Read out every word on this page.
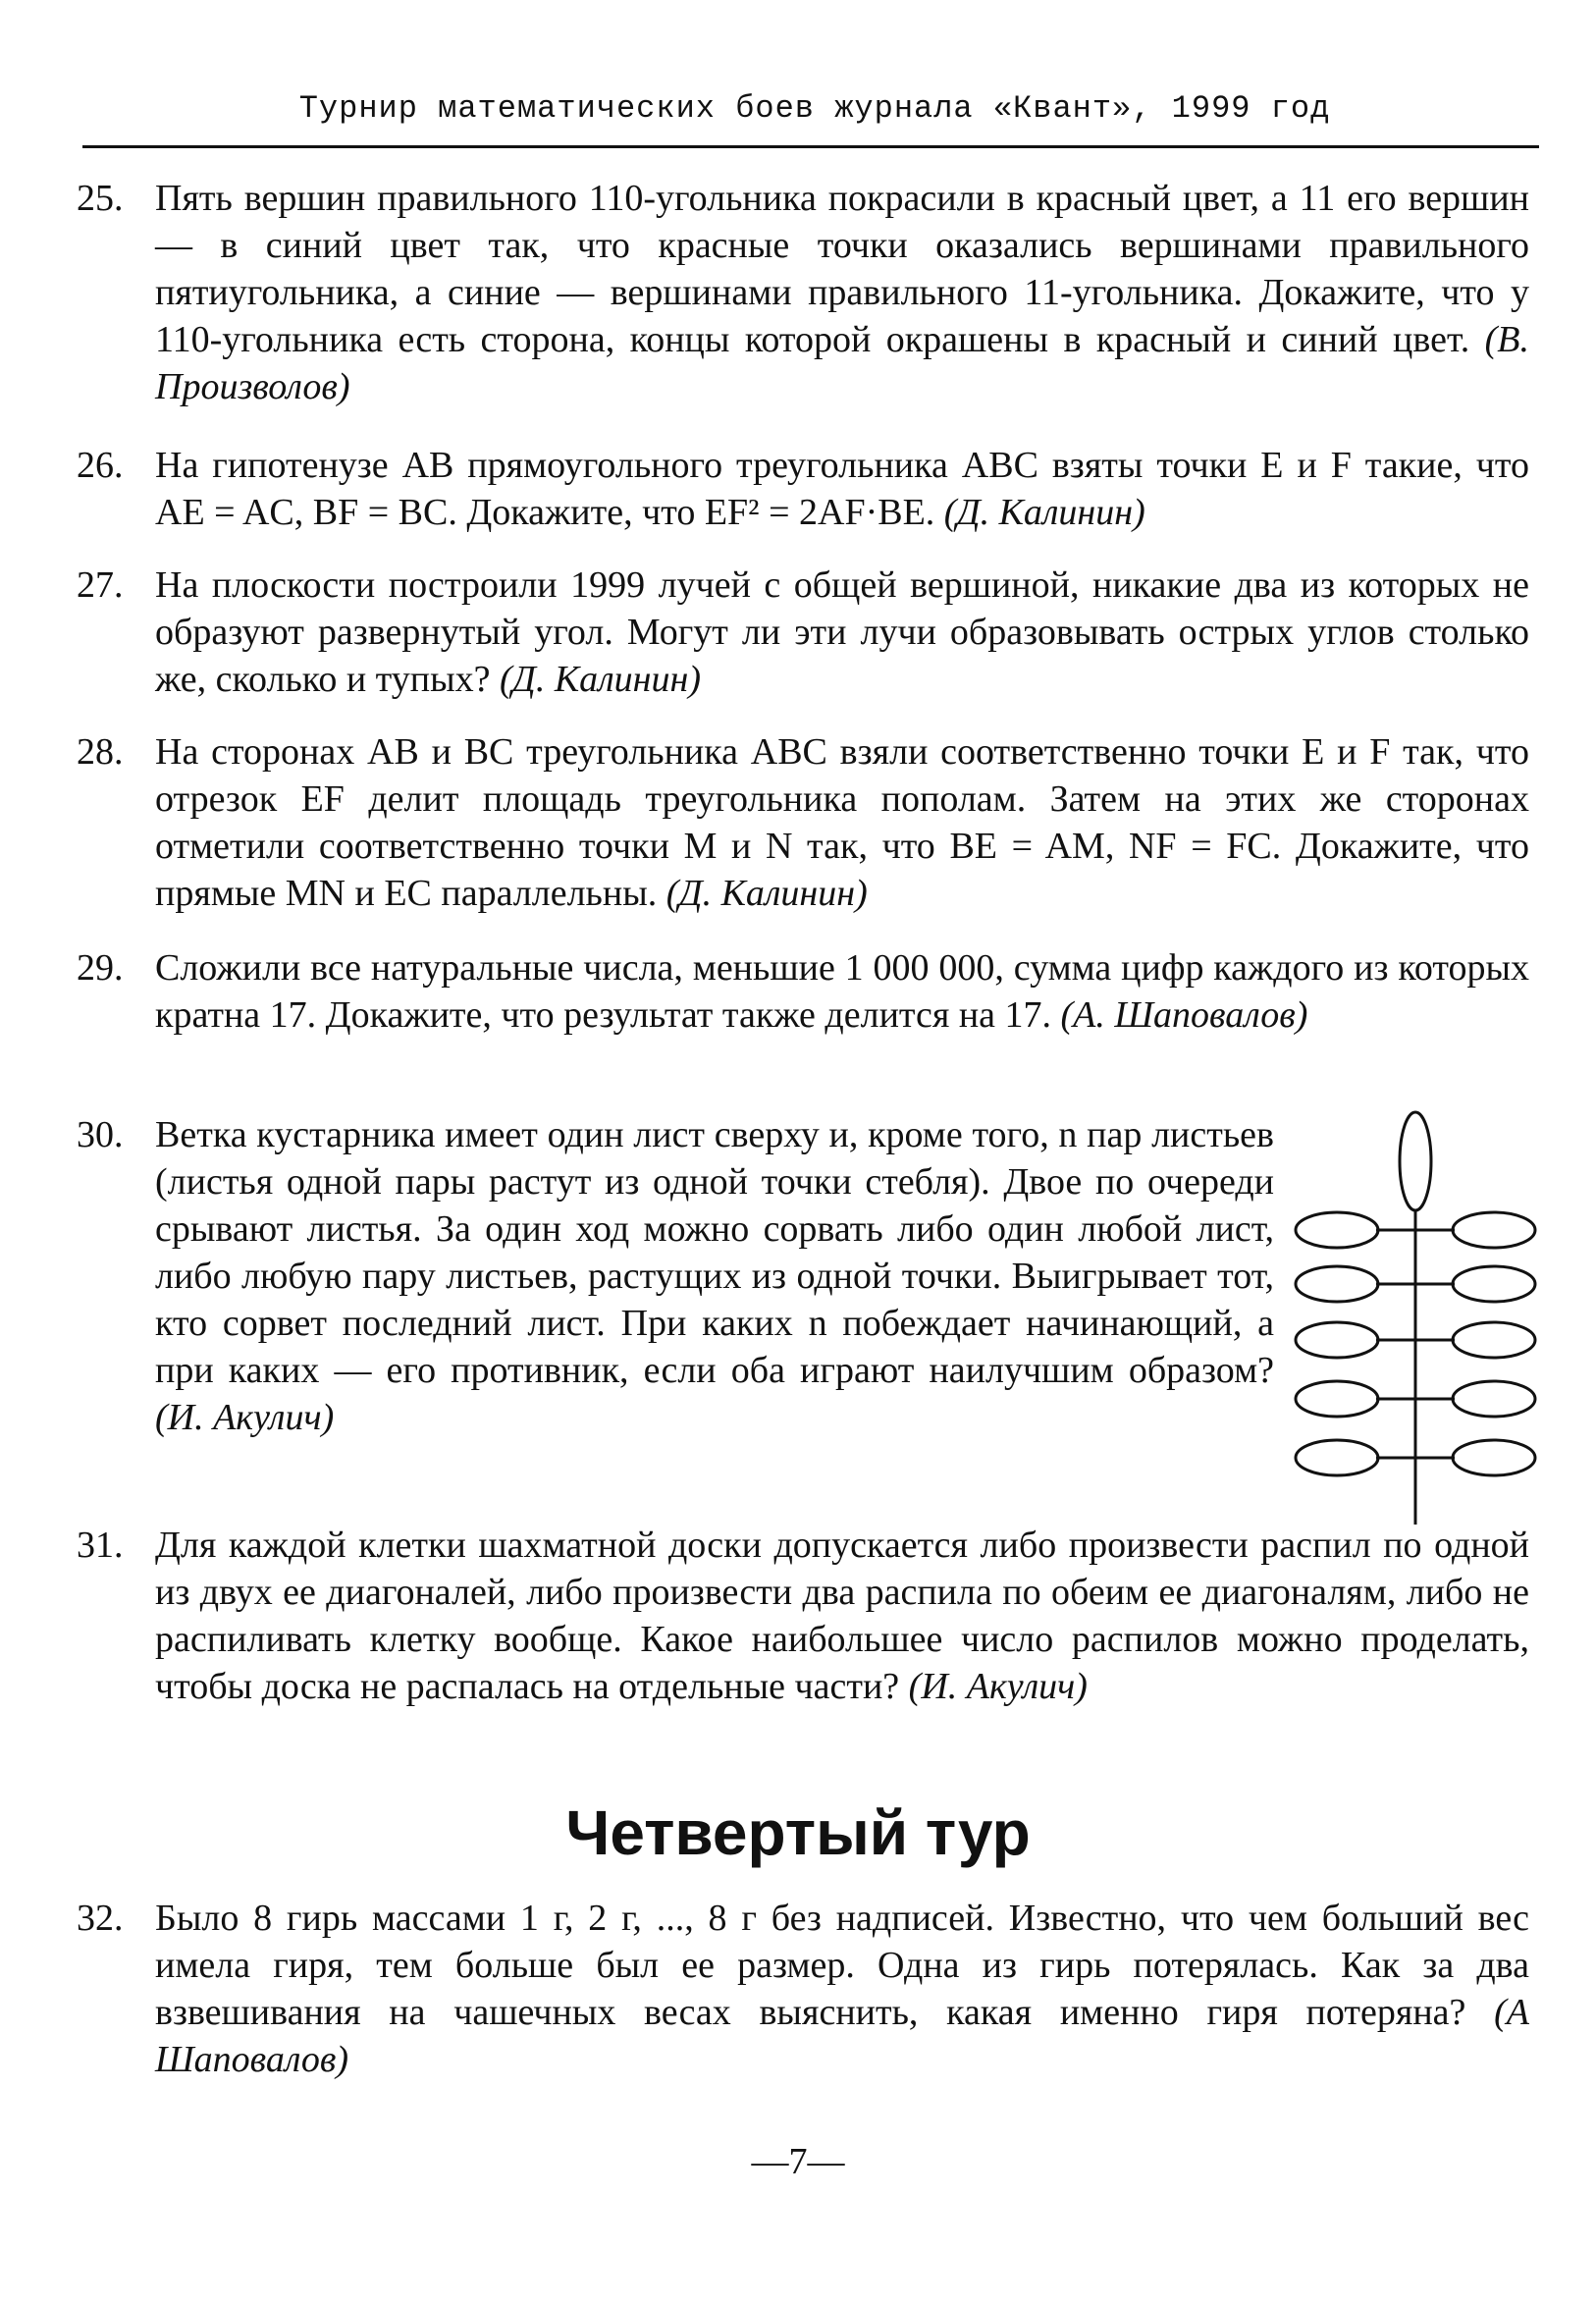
Турнир математических боев журнала «Квант», 1999 год
25. Пять вершин правильного 110-угольника покрасили в красный цвет, а 11 его вершин — в синий цвет так, что красные точки оказались вершинами правильного пятиугольника, а синие — вершинами правильного 11-угольника. Докажите, что у 110-угольника есть сторона, концы которой окрашены в красный и синий цвет. (В. Произволов)
26. На гипотенузе AB прямоугольного треугольника ABC взяты точки E и F такие, что AE = AC, BF = BC. Докажите, что EF² = 2AF·BE. (Д. Калинин)
27. На плоскости построили 1999 лучей с общей вершиной, никакие два из которых не образуют развернутый угол. Могут ли эти лучи образовывать острых углов столько же, сколько и тупых? (Д. Калинин)
28. На сторонах AB и BC треугольника ABC взяли соответственно точки E и F так, что отрезок EF делит площадь треугольника пополам. Затем на этих же сторонах отметили соответственно точки M и N так, что BE = AM, NF = FC. Докажите, что прямые MN и EC параллельны. (Д. Калинин)
29. Сложили все натуральные числа, меньшие 1 000 000, сумма цифр каждого из которых кратна 17. Докажите, что результат также делится на 17. (А. Шаповалов)
30. Ветка кустарника имеет один лист сверху и, кроме того, n пар листьев (листья одной пары растут из одной точки стебля). Двое по очереди срывают листья. За один ход можно сорвать либо один любой лист, либо любую пару листьев, растущих из одной точки. Выигрывает тот, кто сорвет последний лист. При каких n побеждает начинающий, а при каких — его противник, если оба играют наилучшим образом? (И. Акулич)
31. Для каждой клетки шахматной доски допускается либо произвести распил по одной из двух ее диагоналей, либо произвести два распила по обеим ее диагоналям, либо не распиливать клетку вообще. Какое наибольшее число распилов можно проделать, чтобы доска не распалась на отдельные части? (И. Акулич)
Четвертый тур
32. Было 8 гирь массами 1 г, 2 г, ..., 8 г без надписей. Известно, что чем больший вес имела гиря, тем больше был ее размер. Одна из гирь потерялась. Как за два взвешивания на чашечных весах выяснить, какая именно гиря потеряна? (А Шаповалов)
—7—
